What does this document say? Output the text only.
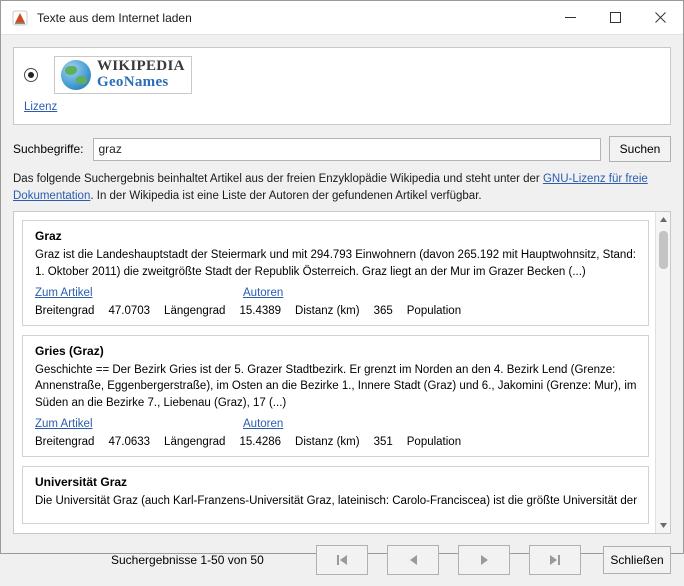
Texte aus dem Internet laden
WIKIPEDIA
GeoNames
Lizenz
Suchbegriffe:
graz	Suchen
Das folgende Suchergebnis beinhaltet Artikel aus der freien Enzyklopädie Wikipedia und steht unter der GNU-Lizenz für freie Dokumentation. In der Wikipedia ist eine Liste der Autoren der gefundenen Artikel verfügbar.
Graz
Graz ist die Landeshauptstadt der Steiermark und mit 294.793 Einwohnern (davon 265.192 mit Hauptwohnsitz, Stand: 1. Oktober 2011) die zweitgrößte Stadt der Republik Österreich. Graz liegt an der Mur im Grazer Becken (...)
Zum Artikel	Autoren
Breitengrad 47.0703 Längengrad 15.4389 Distanz (km) 365 Population
Gries (Graz)
Geschichte == Der Bezirk Gries ist der 5. Grazer Stadtbezirk. Er grenzt im Norden an den 4. Bezirk Lend (Grenze: Annenstraße, Eggenbergerstraße), im Osten an die Bezirke 1., Innere Stadt (Graz) und 6., Jakomini (Grenze: Mur), im Süden an die Bezirke 7., Liebenau (Graz), 17 (...)
Zum Artikel	Autoren
Breitengrad 47.0633 Längengrad 15.4286 Distanz (km) 351 Population
Universität Graz
Die Universität Graz (auch Karl-Franzens-Universität Graz, lateinisch: Carolo-Franciscea) ist die größte Universität der
Suchergebnisse 1-50 von 50	Schließen
